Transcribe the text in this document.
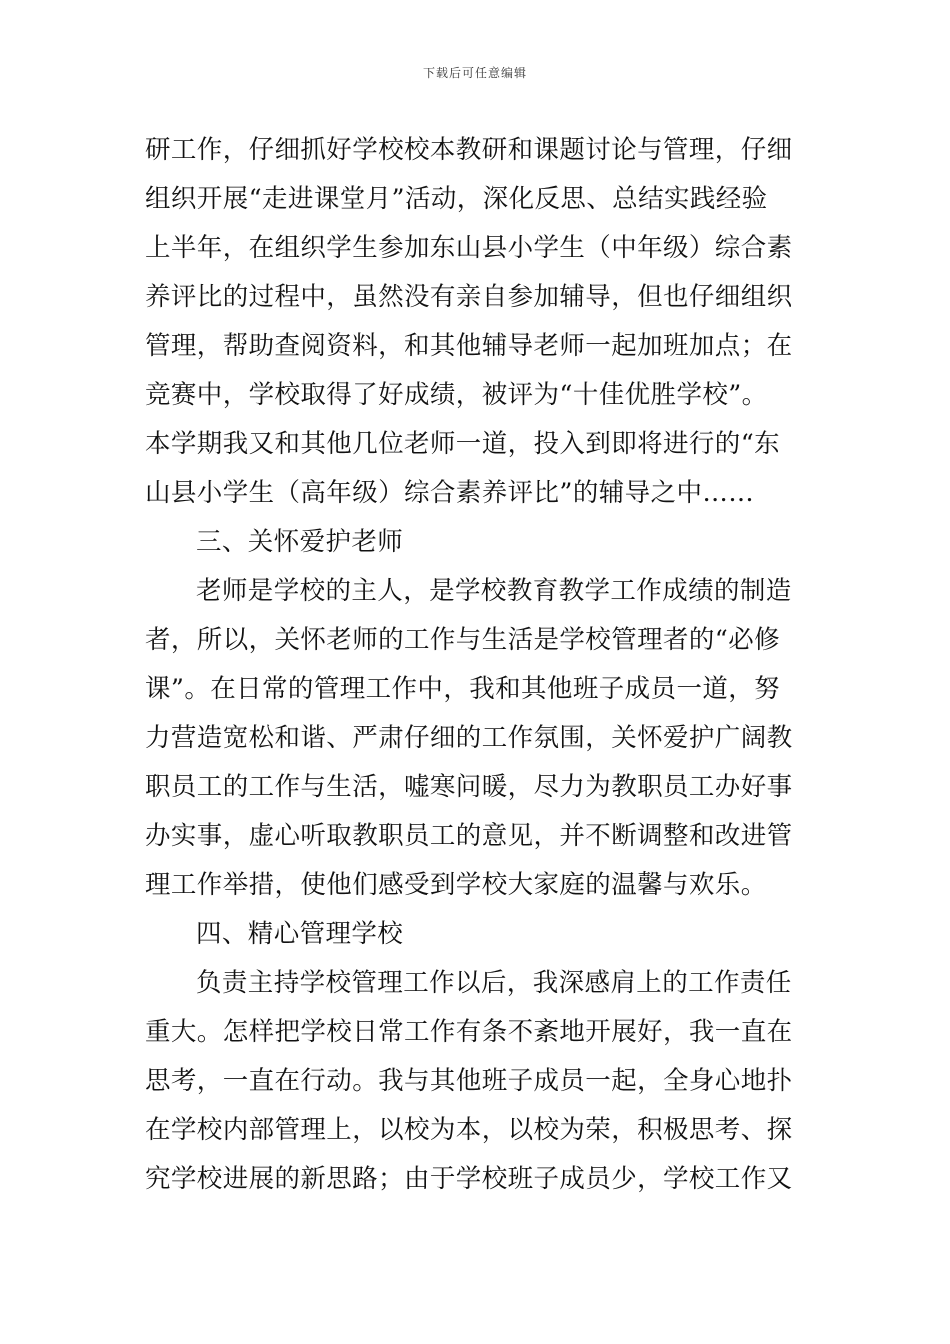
下载后可任意编辑
研工作，仔细抓好学校校本教研和课题讨论与管理，仔细
组织开展“走进课堂月”活动，深化反思、总结实践经验
上半年，在组织学生参加东山县小学生（中年级）综合素
养评比的过程中，虽然没有亲自参加辅导，但也仔细组织
管理，帮助查阅资料，和其他辅导老师一起加班加点；在
竞赛中，学校取得了好成绩，被评为“十佳优胜学校”。
本学期我又和其他几位老师一道，投入到即将进行的“东
山县小学生（高年级）综合素养评比”的辅导之中……
三、关怀爱护老师
老师是学校的主人，是学校教育教学工作成绩的制造
者，所以，关怀老师的工作与生活是学校管理者的“必修
课”。在日常的管理工作中，我和其他班子成员一道，努
力营造宽松和谐、严肃仔细的工作氛围，关怀爱护广阔教
职员工的工作与生活，嘘寒问暖，尽力为教职员工办好事
办实事，虚心听取教职员工的意见，并不断调整和改进管
理工作举措，使他们感受到学校大家庭的温馨与欢乐。
四、精心管理学校
负责主持学校管理工作以后，我深感肩上的工作责任
重大。怎样把学校日常工作有条不紊地开展好，我一直在
思考，一直在行动。我与其他班子成员一起，全身心地扑
在学校内部管理上，以校为本，以校为荣，积极思考、探
究学校进展的新思路；由于学校班子成员少，学校工作又
